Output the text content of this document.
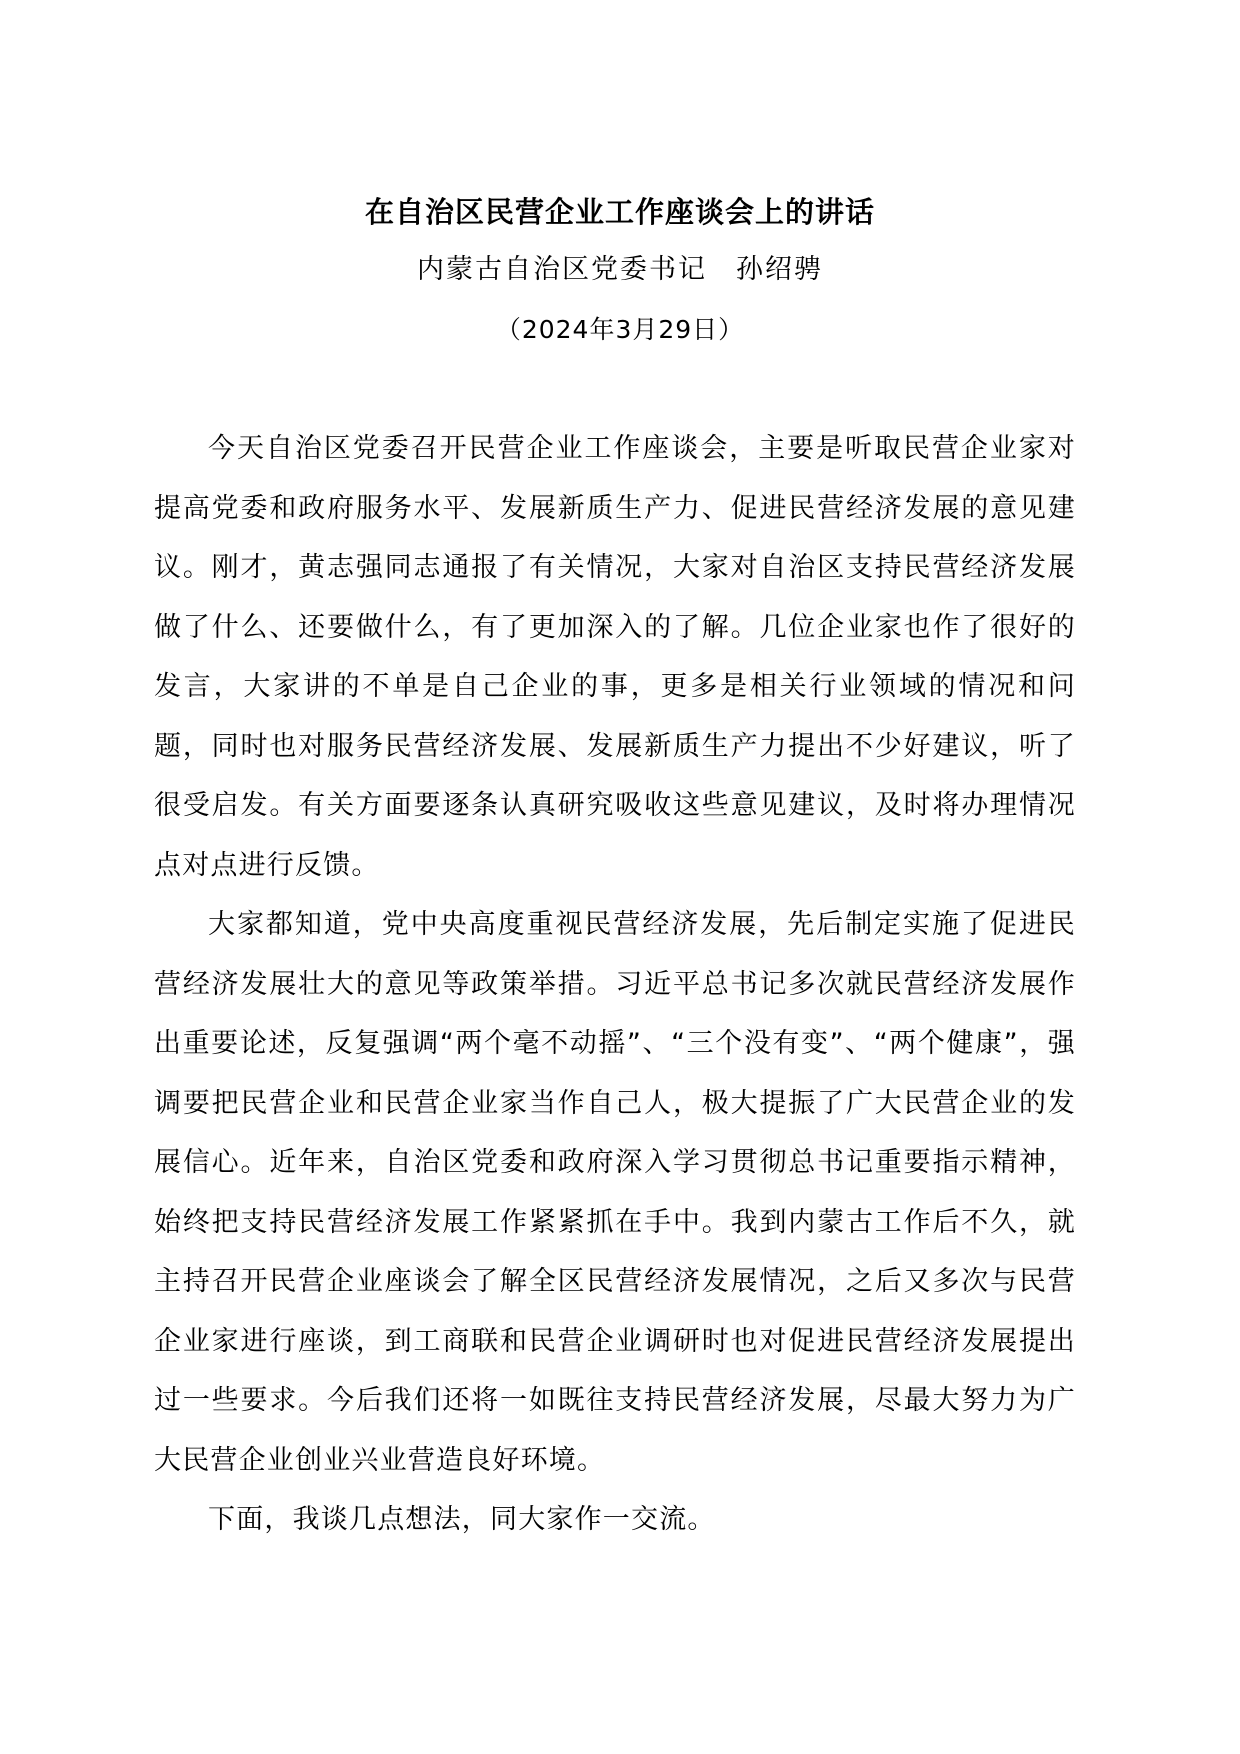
在自治区民营企业工作座谈会上的讲话
内蒙古自治区党委书记　孙绍骋
（2024年3月29日）

今天自治区党委召开民营企业工作座谈会，主要是听取民营企业家对提高党委和政府服务水平、发展新质生产力、促进民营经济发展的意见建议。刚才，黄志强同志通报了有关情况，大家对自治区支持民营经济发展做了什么、还要做什么，有了更加深入的了解。几位企业家也作了很好的发言，大家讲的不单是自己企业的事，更多是相关行业领域的情况和问题，同时也对服务民营经济发展、发展新质生产力提出不少好建议，听了很受启发。有关方面要逐条认真研究吸收这些意见建议，及时将办理情况点对点进行反馈。

大家都知道，党中央高度重视民营经济发展，先后制定实施了促进民营经济发展壮大的意见等政策举措。习近平总书记多次就民营经济发展作出重要论述，反复强调“两个毫不动摇”、“三个没有变”、“两个健康”，强调要把民营企业和民营企业家当作自己人，极大提振了广大民营企业的发展信心。近年来，自治区党委和政府深入学习贯彻总书记重要指示精神，始终把支持民营经济发展工作紧紧抓在手中。我到内蒙古工作后不久，就主持召开民营企业座谈会了解全区民营经济发展情况，之后又多次与民营企业家进行座谈，到工商联和民营企业调研时也对促进民营经济发展提出过一些要求。今后我们还将一如既往支持民营经济发展，尽最大努力为广大民营企业创业兴业营造良好环境。

下面，我谈几点想法，同大家作一交流。
